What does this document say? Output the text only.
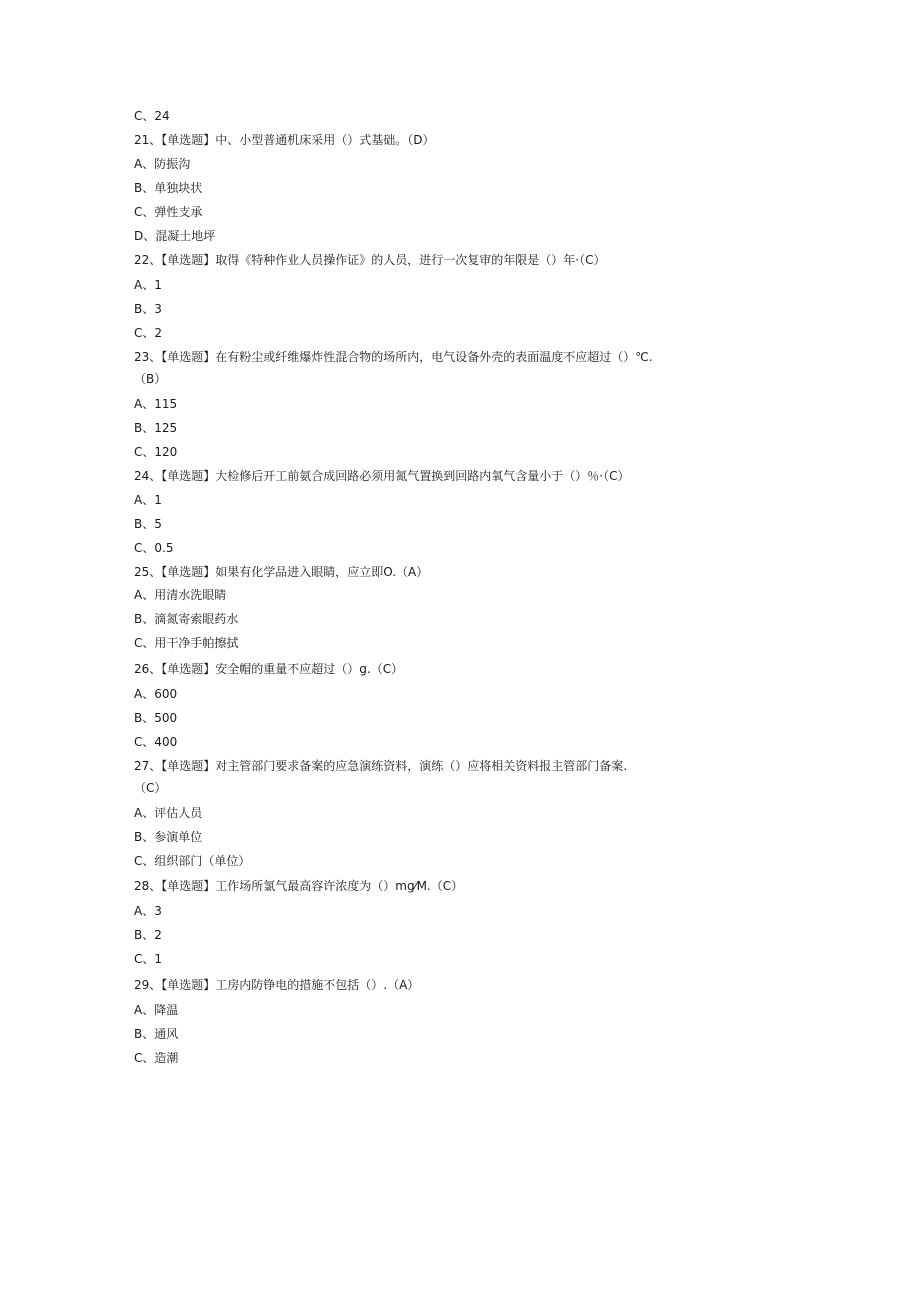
C、24
21、【单选题】中、小型普通机床采用（）式基础。（D）
A、防振沟
B、单独块状
C、弹性支承
D、混凝土地坪
22、【单选题】取得《特种作业人员操作证》的人员，进行一次复审的年限是（）年·（C）
A、1
B、3
C、2
23、【单选题】在有粉尘或纤维爆炸性混合物的场所内，电气设备外壳的表面温度不应超过（）℃.
（B）
A、115
B、125
C、120
24、【单选题】大检修后开工前氨合成回路必须用氮气置换到回路内氧气含量小于（）％·（C）
A、1
B、5
C、0.5
25、【单选题】如果有化学品进入眼睛，应立即O.（A）
A、用清水洗眼睛
B、滴氮寄索眼药水
C、用干净手帕擦拭
26、【单选题】安全帽的重量不应超过（）g.（C）
A、600
B、500
C、400
27、【单选题】对主管部门要求备案的应急演练资料，演练（）应将相关资料报主管部门备案.
（C）
A、评估人员
B、参演单位
C、组织部门（单位）
28、【单选题】工作场所氯气最高容许浓度为（）mg⁄M.（C）
A、3
B、2
C、1
29、【单选题】工房内防铮电的措施不包括（）.（A）
A、降温
B、通风
C、造潮
